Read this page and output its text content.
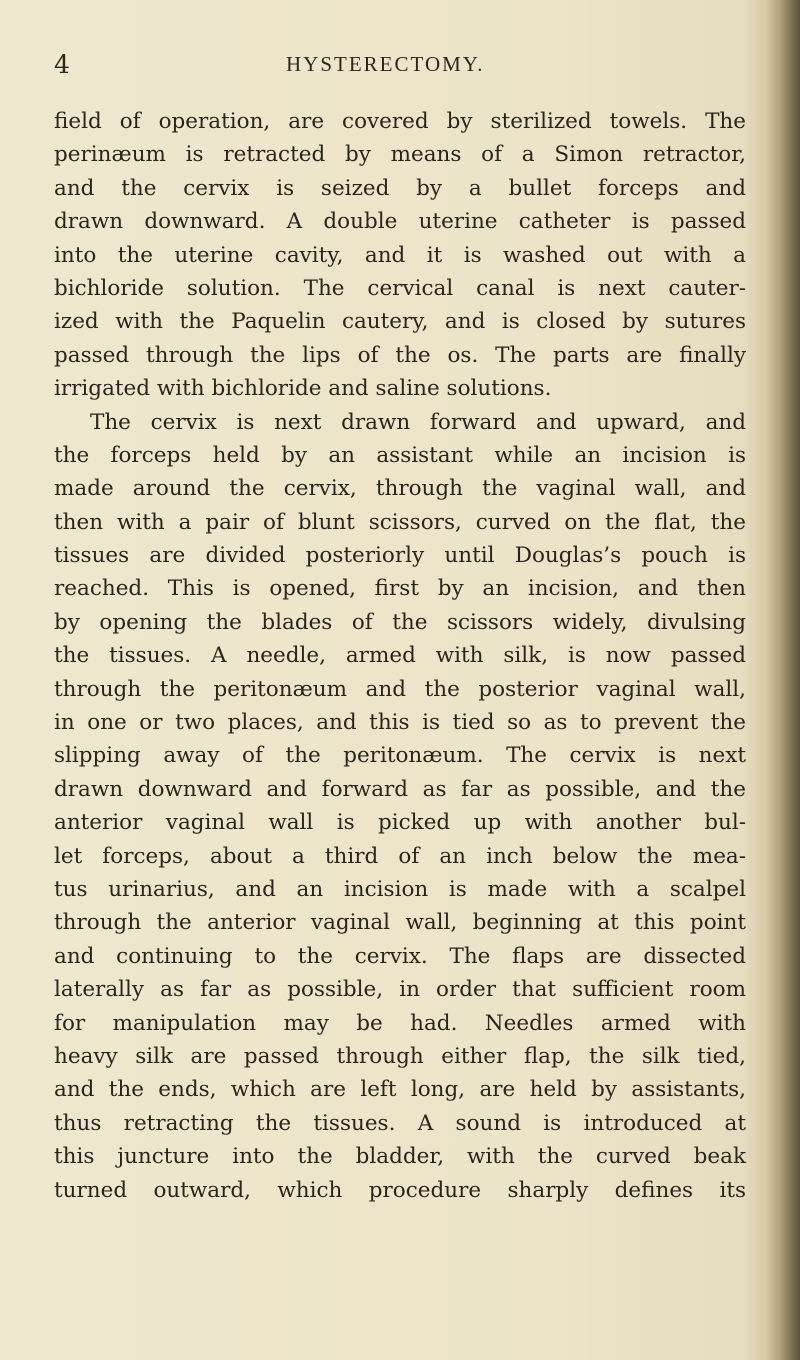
4	HYSTERECTOMY.
field of operation, are covered by sterilized towels. The
perinæum is retracted by means of a Simon retractor,
and the cervix is seized by a bullet forceps and
drawn downward. A double uterine catheter is passed
into the uterine cavity, and it is washed out with a
bichloride solution. The cervical canal is next cauter-
ized with the Paquelin cautery, and is closed by sutures
passed through the lips of the os. The parts are finally
irrigated with bichloride and saline solutions.
The cervix is next drawn forward and upward, and
the forceps held by an assistant while an incision is
made around the cervix, through the vaginal wall, and
then with a pair of blunt scissors, curved on the flat, the
tissues are divided posteriorly until Douglas’s pouch is
reached. This is opened, first by an incision, and then
by opening the blades of the scissors widely, divulsing
the tissues. A needle, armed with silk, is now passed
through the peritonæum and the posterior vaginal wall,
in one or two places, and this is tied so as to prevent the
slipping away of the peritonæum. The cervix is next
drawn downward and forward as far as possible, and the
anterior vaginal wall is picked up with another bul-
let forceps, about a third of an inch below the mea-
tus urinarius, and an incision is made with a scalpel
through the anterior vaginal wall, beginning at this point
and continuing to the cervix. The flaps are dissected
laterally as far as possible, in order that sufficient room
for manipulation may be had. Needles armed with
heavy silk are passed through either flap, the silk tied,
and the ends, which are left long, are held by assistants,
thus retracting the tissues. A sound is introduced at
this juncture into the bladder, with the curved beak
turned outward, which procedure sharply defines its
